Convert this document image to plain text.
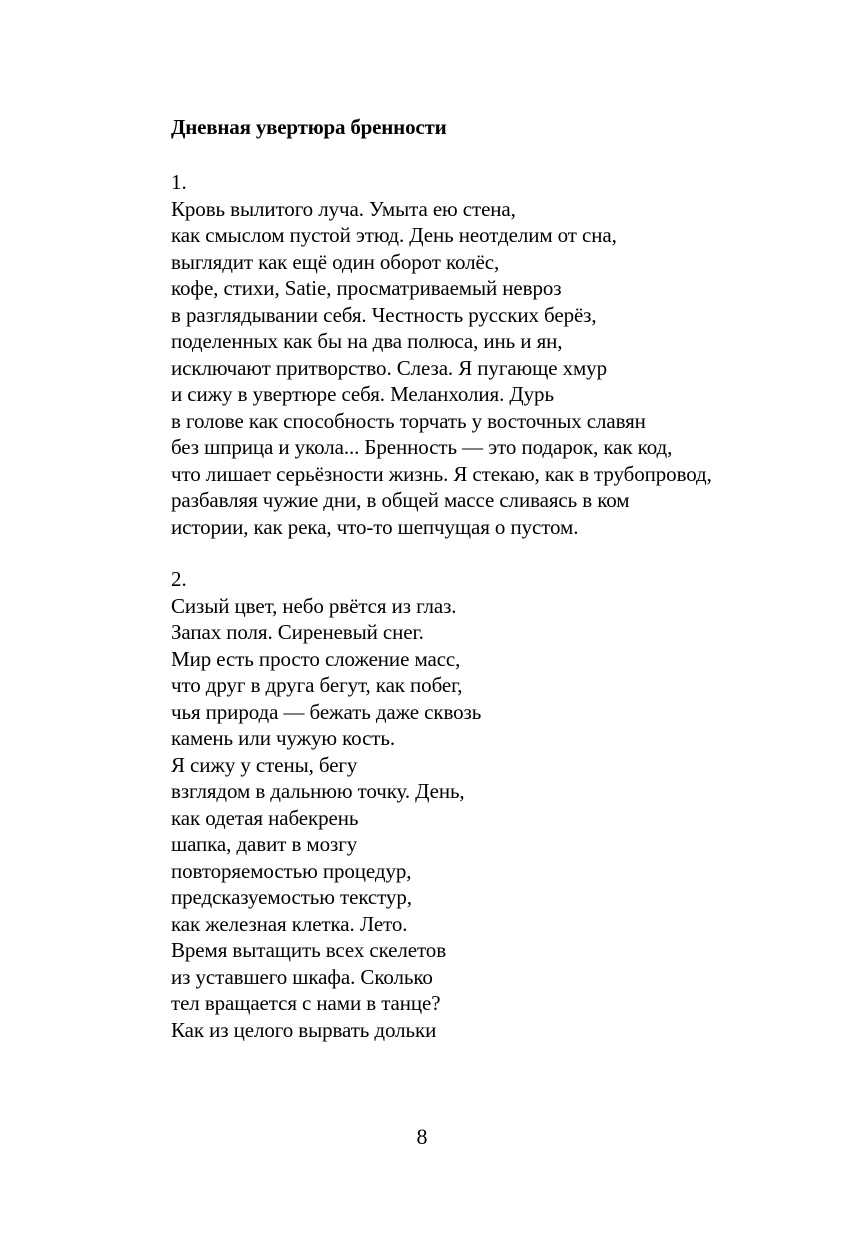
Дневная увертюра бренности

1.

Кровь вылитого луча. Умыта ею стена,

как смыслом пустой этюд. День неотделим от сна,

выглядит как ещё один оборот колёс,

кофе, стихи, Satie, просматриваемый невроз

в разглядывании себя. Честность русских берёз,

поделенных как бы на два полюса, инь и ян,

исключают притворство. Слеза. Я пугающе хмур

и сижу в увертюре себя. Меланхолия. Дурь

в голове как способность торчать у восточных славян

без шприца и укола... Бренность — это подарок, как код,

что лишает серьёзности жизнь. Я стекаю, как в трубопровод,

разбавляя чужие дни, в общей массе сливаясь в ком

истории, как река, что-то шепчущая о пустом.

2.

Сизый цвет, небо рвётся из глаз.

Запах поля. Сиреневый снег.

Мир есть просто сложение масс,

что друг в друга бегут, как побег,

чья природа — бежать даже сквозь

камень или чужую кость.

Я сижу у стены, бегу

взглядом в дальнюю точку. День,

как одетая набекрень

шапка, давит в мозгу

повторяемостью процедур,

предсказуемостью текстур,

как железная клетка. Лето.

Время вытащить всех скелетов

из уставшего шкафа. Сколько

тел вращается с нами в танце?

Как из целого вырвать дольки

8
